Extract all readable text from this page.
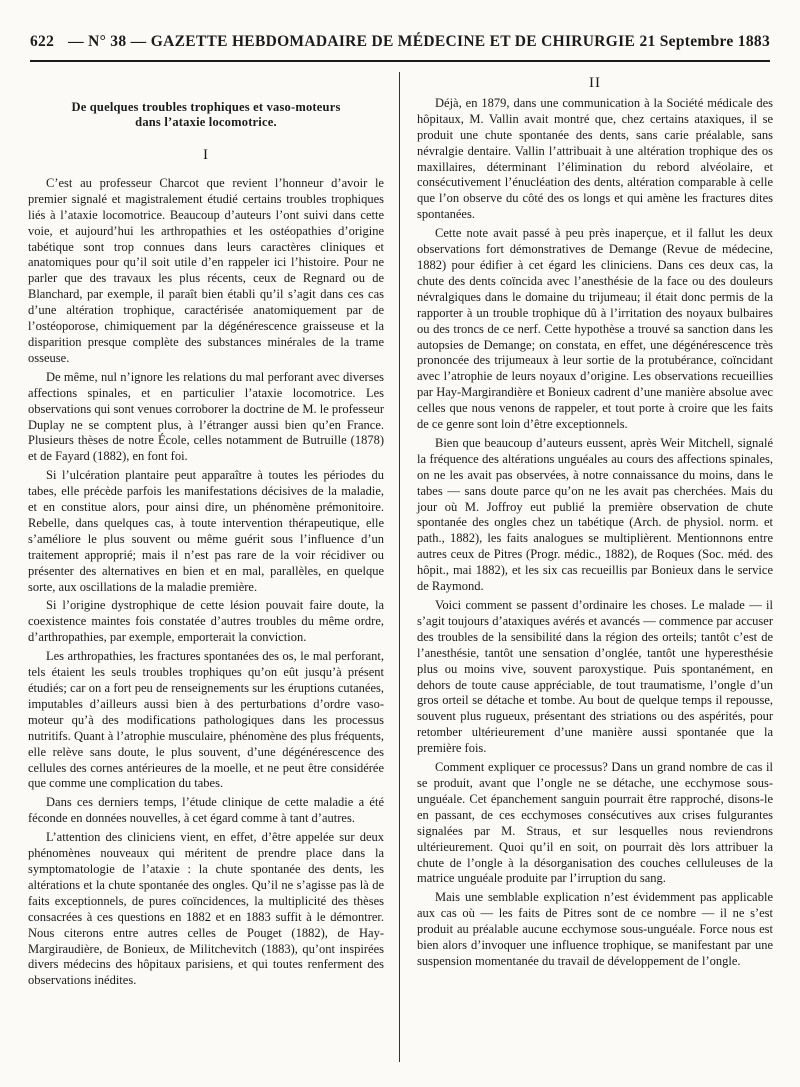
622 — N° 38 — GAZETTE HEBDOMADAIRE DE MÉDECINE ET DE CHIRURGIE 21 Septembre 1883
De quelques troubles trophiques et vaso-moteurs
dans l’ataxie locomotrice.
I

C’est au professeur Charcot que revient l’honneur d’avoir le premier signalé et magistralement étudié certains troubles trophiques liés à l’ataxie locomotrice. Beaucoup d’auteurs l’ont suivi dans cette voie, et aujourd’hui les arthropathies et les ostéopathies d’origine tabétique sont trop connues dans leurs caractères cliniques et anatomiques pour qu’il soit utile d’en rappeler ici l’histoire. Pour ne parler que des travaux les plus récents, ceux de Regnard ou de Blanchard, par exemple, il paraît bien établi qu’il s’agit dans ces cas d’une altération trophique, caractérisée anatomiquement par de l’ostéoporose, chimiquement par la dégénérescence graisseuse et la disparition presque complète des substances minérales de la trame osseuse.

De même, nul n’ignore les relations du mal perforant avec diverses affections spinales, et en particulier l’ataxie locomotrice. Les observations qui sont venues corroborer la doctrine de M. le professeur Duplay ne se comptent plus, à l’étranger aussi bien qu’en France. Plusieurs thèses de notre École, celles notamment de Butruille (1878) et de Fayard (1882), en font foi.

Si l’ulcération plantaire peut apparaître à toutes les périodes du tabes, elle précède parfois les manifestations décisives de la maladie, et en constitue alors, pour ainsi dire, un phénomène prémonitoire. Rebelle, dans quelques cas, à toute intervention thérapeutique, elle s’améliore le plus souvent ou même guérit sous l’influence d’un traitement approprié; mais il n’est pas rare de la voir récidiver ou présenter des alternatives en bien et en mal, parallèles, en quelque sorte, aux oscillations de la maladie première.

Si l’origine dystrophique de cette lésion pouvait faire doute, la coexistence maintes fois constatée d’autres troubles du même ordre, d’arthropathies, par exemple, emporterait la conviction.

Les arthropathies, les fractures spontanées des os, le mal perforant, tels étaient les seuls troubles trophiques qu’on eût jusqu’à présent étudiés; car on a fort peu de renseignements sur les éruptions cutanées, imputables d’ailleurs aussi bien à des perturbations d’ordre vaso-moteur qu’à des modifications pathologiques dans les processus nutritifs. Quant à l’atrophie musculaire, phénomène des plus fréquents, elle relève sans doute, le plus souvent, d’une dégénérescence des cellules des cornes antérieures de la moelle, et ne peut être considérée que comme une complication du tabes.

Dans ces derniers temps, l’étude clinique de cette maladie a été féconde en données nouvelles, à cet égard comme à tant d’autres.

L’attention des cliniciens vient, en effet, d’être appelée sur deux phénomènes nouveaux qui méritent de prendre place dans la symptomatologie de l’ataxie : la chute spontanée des dents, les altérations et la chute spontanée des ongles. Qu’il ne s’agisse pas là de faits exceptionnels, de pures coïncidences, la multiplicité des thèses consacrées à ces questions en 1882 et en 1883 suffit à le démontrer. Nous citerons entre autres celles de Pouget (1882), de Hay-Margiraudière, de Bonieux, de Militchevitch (1883), qu’ont inspirées divers médecins des hôpitaux parisiens, et qui toutes renferment des observations inédites.

II

Déjà, en 1879, dans une communication à la Société médicale des hôpitaux, M. Vallin avait montré que, chez certains ataxiques, il se produit une chute spontanée des dents, sans carie préalable, sans névralgie dentaire. Vallin l’attribuait à une altération trophique des os maxillaires, déterminant l’élimination du rebord alvéolaire, et consécutivement l’énucléation des dents, altération comparable à celle que l’on observe du côté des os longs et qui amène les fractures dites spontanées.

Cette note avait passé à peu près inaperçue, et il fallut les deux observations fort démonstratives de Demange (Revue de médecine, 1882) pour édifier à cet égard les cliniciens. Dans ces deux cas, la chute des dents coïncida avec l’anesthésie de la face ou des douleurs névralgiques dans le domaine du trijumeau; il était donc permis de la rapporter à un trouble trophique dû à l’irritation des noyaux bulbaires ou des troncs de ce nerf. Cette hypothèse a trouvé sa sanction dans les autopsies de Demange; on constata, en effet, une dégénérescence très prononcée des trijumeaux à leur sortie de la protubérance, coïncidant avec l’atrophie de leurs noyaux d’origine. Les observations recueillies par Hay-Margirandière et Bonieux cadrent d’une manière absolue avec celles que nous venons de rappeler, et tout porte à croire que les faits de ce genre sont loin d’être exceptionnels.

Bien que beaucoup d’auteurs eussent, après Weir Mitchell, signalé la fréquence des altérations unguéales au cours des affections spinales, on ne les avait pas observées, à notre connaissance du moins, dans le tabes — sans doute parce qu’on ne les avait pas cherchées. Mais du jour où M. Joffroy eut publié la première observation de chute spontanée des ongles chez un tabétique (Arch. de physiol. norm. et path., 1882), les faits analogues se multiplièrent. Mentionnons entre autres ceux de Pitres (Progr. médic., 1882), de Roques (Soc. méd. des hôpit., mai 1882), et les six cas recueillis par Bonieux dans le service de Raymond.

Voici comment se passent d’ordinaire les choses. Le malade — il s’agit toujours d’ataxiques avérés et avancés — commence par accuser des troubles de la sensibilité dans la région des orteils; tantôt c’est de l’anesthésie, tantôt une sensation d’onglée, tantôt une hyperesthésie plus ou moins vive, souvent paroxystique. Puis spontanément, en dehors de toute cause appréciable, de tout traumatisme, l’ongle d’un gros orteil se détache et tombe. Au bout de quelque temps il repousse, souvent plus rugueux, présentant des striations ou des aspérités, pour retomber ultérieurement d’une manière aussi spontanée que la première fois.

Comment expliquer ce processus? Dans un grand nombre de cas il se produit, avant que l’ongle ne se détache, une ecchymose sous-unguéale. Cet épanchement sanguin pourrait être rapproché, disons-le en passant, de ces ecchymoses consécutives aux crises fulgurantes signalées par M. Straus, et sur lesquelles nous reviendrons ultérieurement. Quoi qu’il en soit, on pourrait dès lors attribuer la chute de l’ongle à la désorganisation des couches celluleuses de la matrice unguéale produite par l’irruption du sang.

Mais une semblable explication n’est évidemment pas applicable aux cas où — les faits de Pitres sont de ce nombre — il ne s’est produit au préalable aucune ecchymose sous-unguéale. Force nous est bien alors d’invoquer une influence trophique, se manifestant par une suspension momentanée du travail de développement de l’ongle.
